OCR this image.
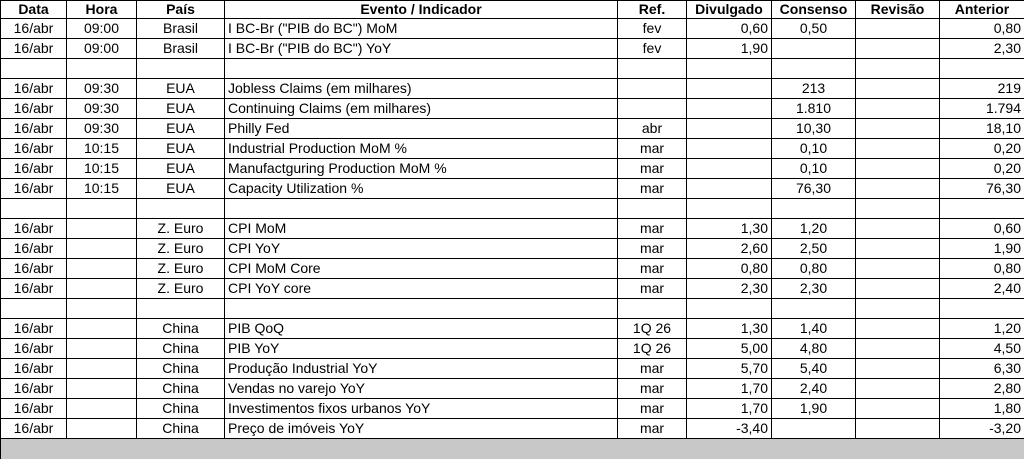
Data	Hora	País	Evento / Indicador	Ref.	Divulgado	Consenso	Revisão	Anterior
16/abr	09:00	Brasil	I BC-Br ("PIB do BC") MoM	fev	0,60	0,50		0,80
16/abr	09:00	Brasil	I BC-Br ("PIB do BC") YoY	fev	1,90			2,30

16/abr	09:30	EUA	Jobless Claims (em milhares)			213		219
16/abr	09:30	EUA	Continuing Claims (em milhares)			1.810		1.794
16/abr	09:30	EUA	Philly Fed	abr		10,30		18,10
16/abr	10:15	EUA	Industrial Production MoM %	mar		0,10		0,20
16/abr	10:15	EUA	Manufactguring Production MoM %	mar		0,10		0,20
16/abr	10:15	EUA	Capacity Utilization %	mar		76,30		76,30

16/abr		Z. Euro	CPI MoM	mar	1,30	1,20		0,60
16/abr		Z. Euro	CPI YoY	mar	2,60	2,50		1,90
16/abr		Z. Euro	CPI MoM Core	mar	0,80	0,80		0,80
16/abr		Z. Euro	CPI YoY core	mar	2,30	2,30		2,40

16/abr		China	PIB QoQ	1Q 26	1,30	1,40		1,20
16/abr		China	PIB YoY	1Q 26	5,00	4,80		4,50
16/abr		China	Produção Industrial YoY	mar	5,70	5,40		6,30
16/abr		China	Vendas no varejo YoY	mar	1,70	2,40		2,80
16/abr		China	Investimentos fixos urbanos YoY	mar	1,70	1,90		1,80
16/abr		China	Preço de imóveis YoY	mar	-3,40			-3,20
